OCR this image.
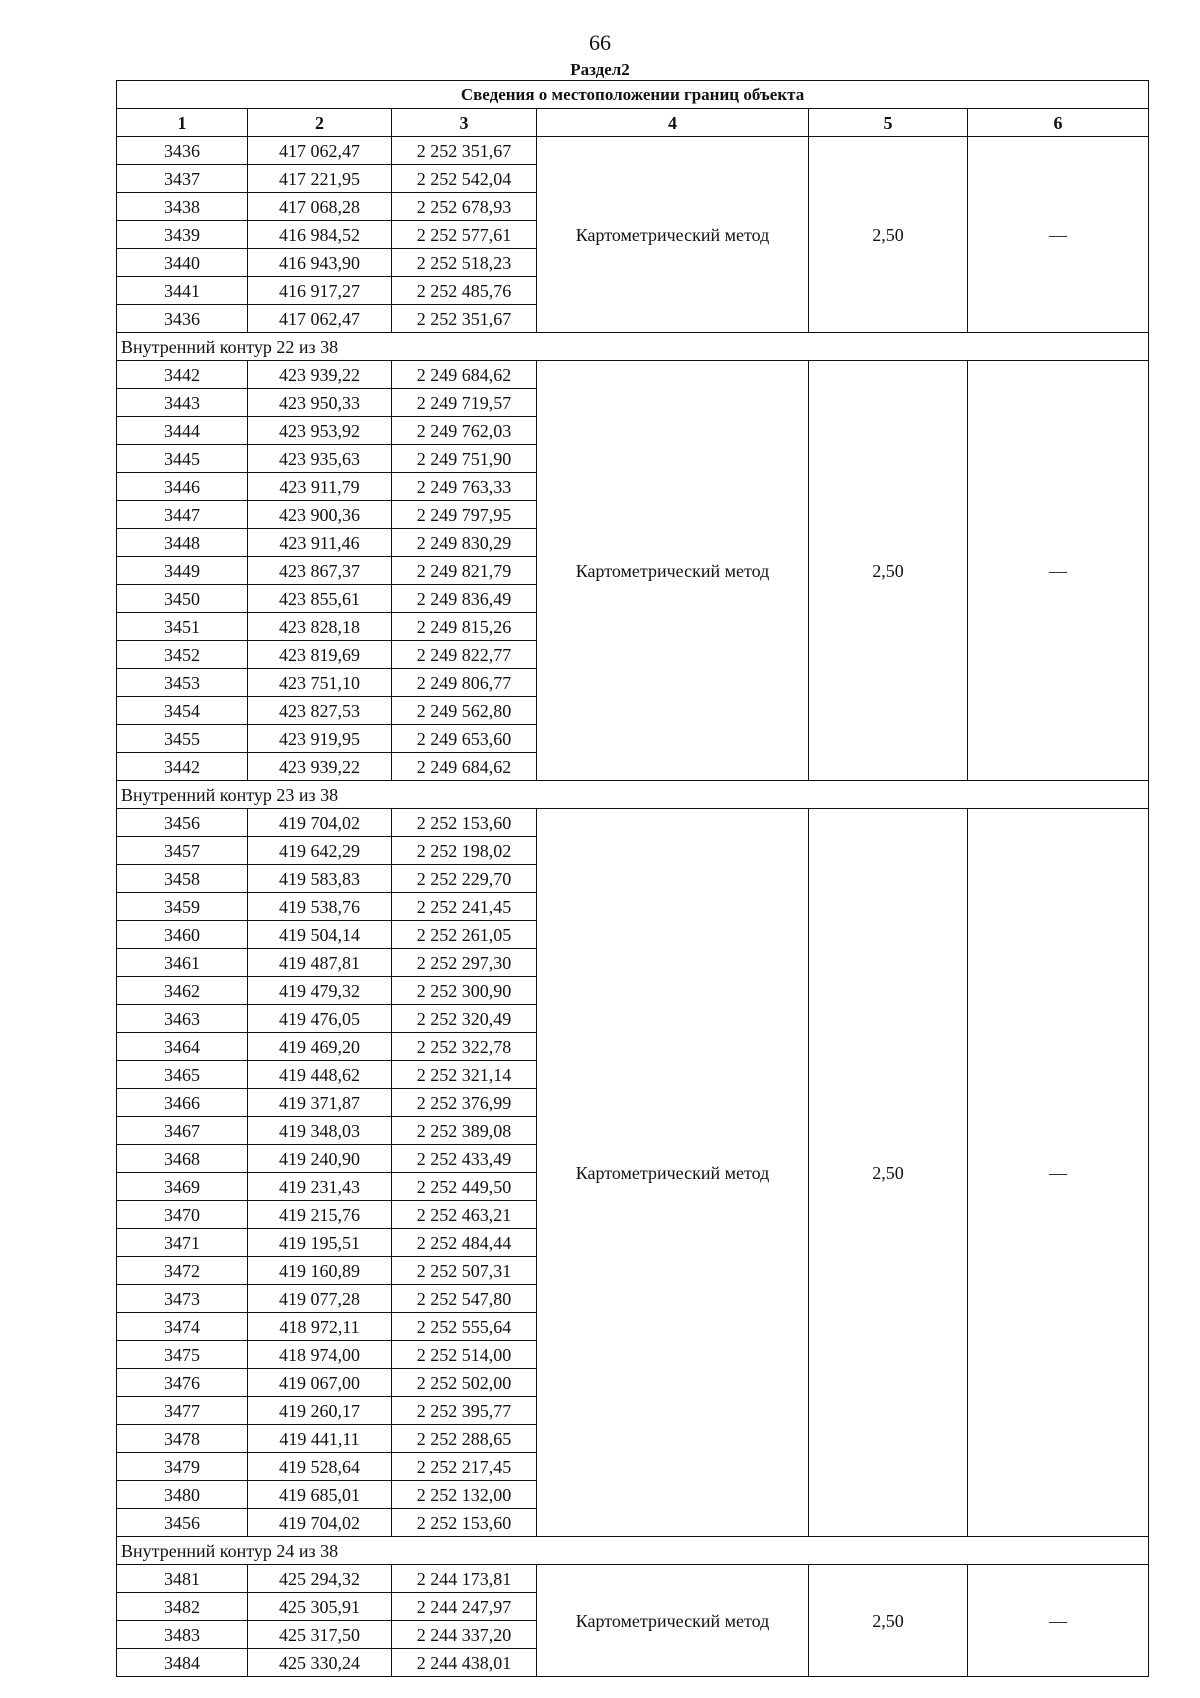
66
Раздел2
Сведения о местоположении границ объекта					
1	2	3	4	5	6
3436	417 062,47	2 252 351,67	Картометрический метод	2,50	—
3437	417 221,95	2 252 542,04			
3438	417 068,28	2 252 678,93			
3439	416 984,52	2 252 577,61			
3440	416 943,90	2 252 518,23			
3441	416 917,27	2 252 485,76			
3436	417 062,47	2 252 351,67			
Внутренний контур 22 из 38					
3442	423 939,22	2 249 684,62	Картометрический метод	2,50	—
3443	423 950,33	2 249 719,57			
3444	423 953,92	2 249 762,03			
3445	423 935,63	2 249 751,90			
3446	423 911,79	2 249 763,33			
3447	423 900,36	2 249 797,95			
3448	423 911,46	2 249 830,29			
3449	423 867,37	2 249 821,79			
3450	423 855,61	2 249 836,49			
3451	423 828,18	2 249 815,26			
3452	423 819,69	2 249 822,77			
3453	423 751,10	2 249 806,77			
3454	423 827,53	2 249 562,80			
3455	423 919,95	2 249 653,60			
3442	423 939,22	2 249 684,62			
Внутренний контур 23 из 38					
3456	419 704,02	2 252 153,60	Картометрический метод	2,50	—
3457	419 642,29	2 252 198,02			
3458	419 583,83	2 252 229,70			
3459	419 538,76	2 252 241,45			
3460	419 504,14	2 252 261,05			
3461	419 487,81	2 252 297,30			
3462	419 479,32	2 252 300,90			
3463	419 476,05	2 252 320,49			
3464	419 469,20	2 252 322,78			
3465	419 448,62	2 252 321,14			
3466	419 371,87	2 252 376,99			
3467	419 348,03	2 252 389,08			
3468	419 240,90	2 252 433,49			
3469	419 231,43	2 252 449,50			
3470	419 215,76	2 252 463,21			
3471	419 195,51	2 252 484,44			
3472	419 160,89	2 252 507,31			
3473	419 077,28	2 252 547,80			
3474	418 972,11	2 252 555,64			
3475	418 974,00	2 252 514,00			
3476	419 067,00	2 252 502,00			
3477	419 260,17	2 252 395,77			
3478	419 441,11	2 252 288,65			
3479	419 528,64	2 252 217,45			
3480	419 685,01	2 252 132,00			
3456	419 704,02	2 252 153,60			
Внутренний контур 24 из 38					
3481	425 294,32	2 244 173,81	Картометрический метод	2,50	—
3482	425 305,91	2 244 247,97			
3483	425 317,50	2 244 337,20			
3484	425 330,24	2 244 438,01			
